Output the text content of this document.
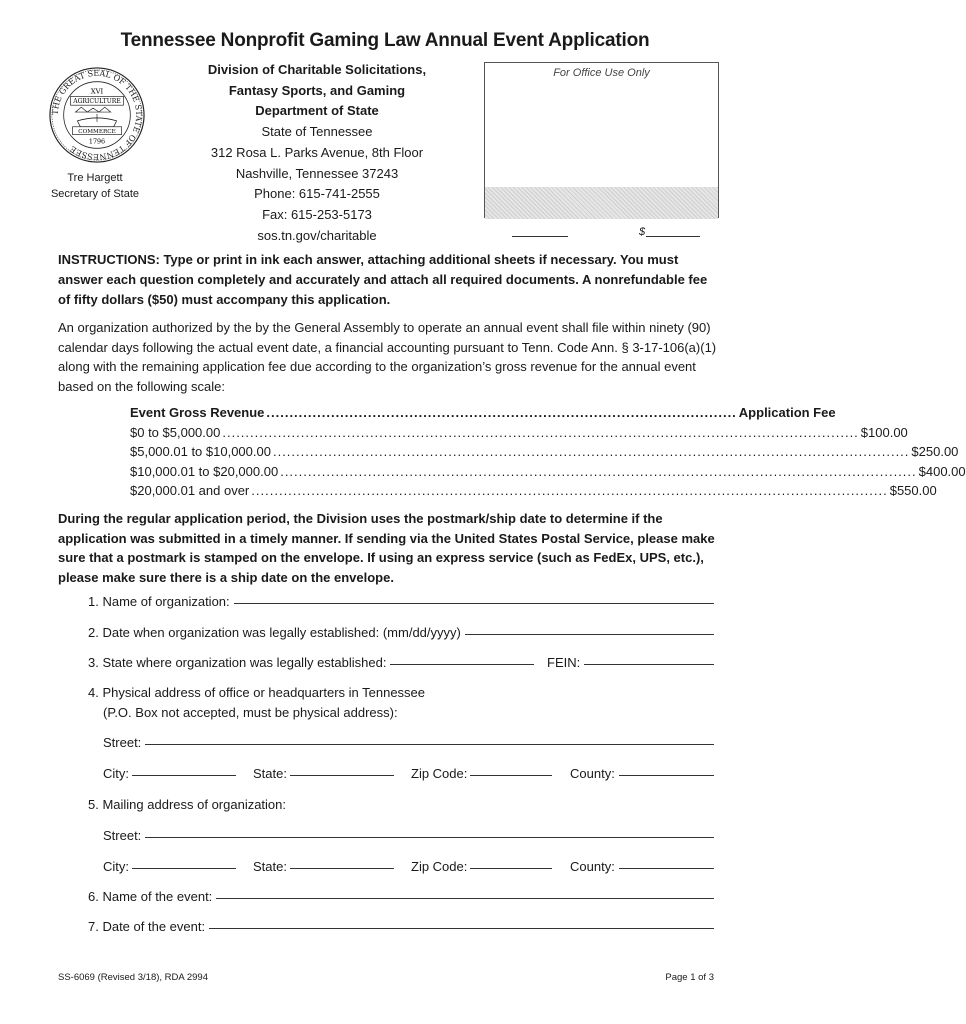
Tennessee Nonprofit Gaming Law Annual Event Application
THE GREAT SEAL OF THE STATE OF TENNESSEE
XVI
AGRICULTURE
COMMERCE
1796
Tre Hargett
Secretary of State
Division of Charitable Solicitations,
Fantasy Sports, and Gaming
Department of State
State of Tennessee
312 Rosa L. Parks Avenue, 8th Floor
Nashville, Tennessee 37243
Phone: 615-741-2555
Fax: 615-253-5173
sos.tn.gov/charitable
For Office Use Only
$
INSTRUCTIONS: Type or print in ink each answer, attaching additional sheets if necessary. You must answer each question completely and accurately and attach all required documents. A nonrefundable fee of fifty dollars ($50) must accompany this application.
An organization authorized by the by the General Assembly to operate an annual event shall file within ninety (90) calendar days following the actual event date, a financial accounting pursuant to Tenn. Code Ann. § 3-17-106(a)(1) along with the remaining application fee due according to the organization’s gross revenue for the annual event based on the following scale:
Event Gross Revenue ...................................................................................................... Application Fee
$0 to $5,000.00 .......................................................................................................................................... $100.00
$5,000.01 to $10,000.00 .......................................................................................................................................... $250.00
$10,000.01 to $20,000.00 .......................................................................................................................................... $400.00
$20,000.01 and over .......................................................................................................................................... $550.00
During the regular application period, the Division uses the postmark/ship date to determine if the application was submitted in a timely manner. If sending via the United States Postal Service, please make sure that a postmark is stamped on the envelope. If using an express service (such as FedEx, UPS, etc.), please make sure there is a ship date on the envelope.
1. Name of organization:
2. Date when organization was legally established: (mm/dd/yyyy)
3. State where organization was legally established:	FEIN:
4. Physical address of office or headquarters in Tennessee
(P.O. Box not accepted, must be physical address):
Street:
City:	State:	Zip Code:	County:
5. Mailing address of organization:
Street:
City:	State:	Zip Code:	County:
6. Name of the event:
7. Date of the event:
SS-6069 (Revised 3/18), RDA 2994	Page 1 of 3
